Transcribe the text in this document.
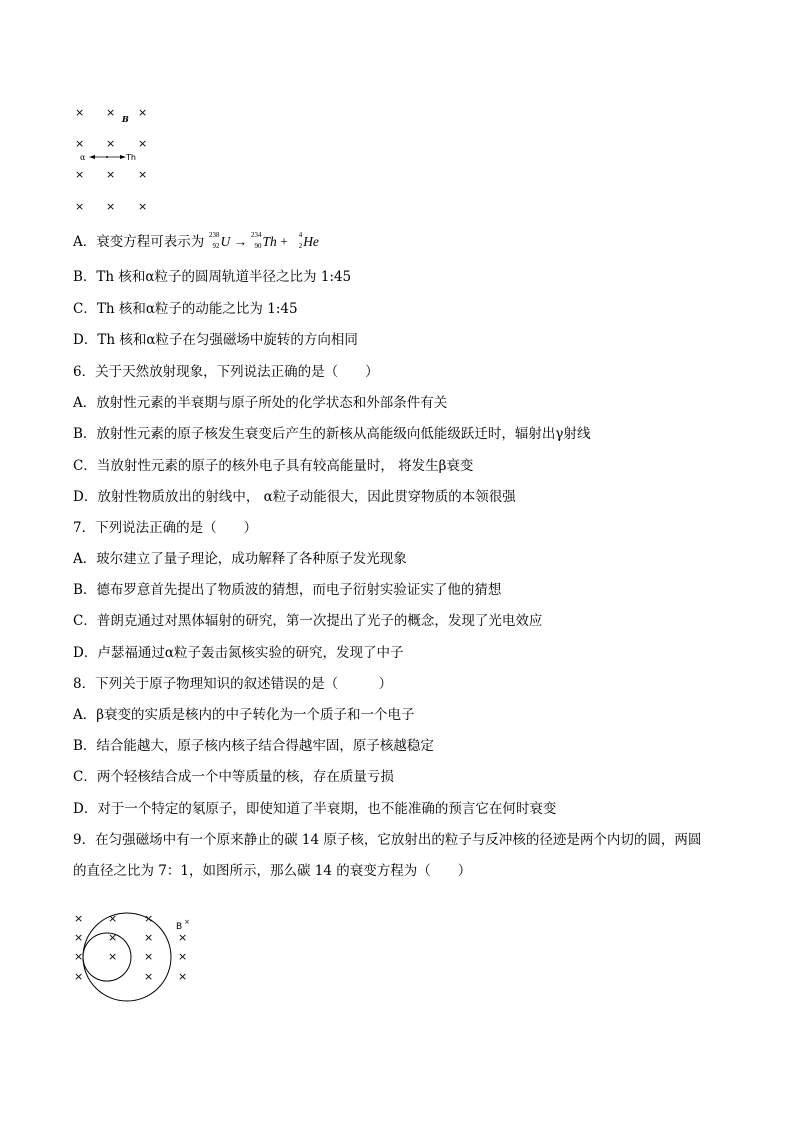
× × ×
× × ×
× × ×
× × ×
B
α	Th
A．衰变方程可表示为 238
92 U → 234
90 Th + 4
2 He
B．Th 核和α粒子的圆周轨道半径之比为 1:45
C．Th 核和α粒子的动能之比为 1:45
D．Th 核和α粒子在匀强磁场中旋转的方向相同
6．关于天然放射现象，下列说法正确的是（　　）
A．放射性元素的半衰期与原子所处的化学状态和外部条件有关
B．放射性元素的原子核发生衰变后产生的新核从高能级向低能级跃迁时，辐射出γ射线
C．当放射性元素的原子的核外电子具有较高能量时， 将发生β衰变
D．放射性物质放出的射线中， α粒子动能很大，因此贯穿物质的本领很强
7．下列说法正确的是（　　）
A．玻尔建立了量子理论，成功解释了各种原子发光现象
B．德布罗意首先提出了物质波的猜想，而电子衍射实验证实了他的猜想
C．普朗克通过对黑体辐射的研究，第一次提出了光子的概念，发现了光电效应
D．卢瑟福通过α粒子轰击氮核实验的研究，发现了中子
8．下列关于原子物理知识的叙述错误的是（　　　）
A．β衰变的实质是核内的中子转化为一个质子和一个电子
B．结合能越大，原子核内核子结合得越牢固，原子核越稳定
C．两个轻核结合成一个中等质量的核，存在质量亏损
D．对于一个特定的氡原子，即使知道了半衰期，也不能准确的预言它在何时衰变
9．在匀强磁场中有一个原来静止的碳 14 原子核，它放射出的粒子与反冲核的径迹是两个内切的圆，两圆
的直径之比为 7：1，如图所示，那么碳 14 的衰变方程为（　　）
× × ×
× × × ×
× × × ×
×	× ×
B ×
